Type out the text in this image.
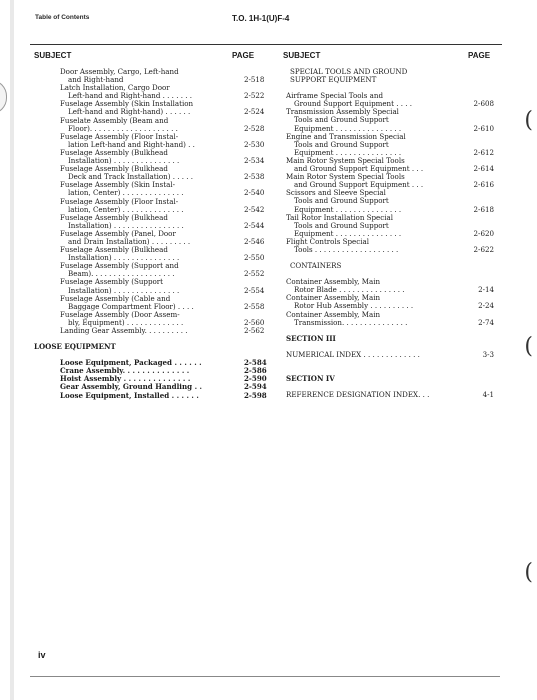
Table of Contents	T.O. 1H-1(U)F-4
SUBJECT	PAGE	SUBJECT	PAGE
Door Assembly, Cargo, Left-hand
and Right-hand	2-518
Latch Installation, Cargo Door
Left-hand and Right-hand . . . . . . .	2-522
Fuselage Assembly (Skin Installation
Left-hand and Right-hand) . . . . . .	2-524
Fuselate Assembly (Beam and
Floor). . . . . . . . . . . . . . . . . . . .	2-528
Fuselage Assembly (Floor Instal-
lation Left-hand and Right-hand) . .	2-530
Fuselage Assembly (Bulkhead
Installation) . . . . . . . . . . . . . . .	2-534
Fuselage Assembly (Bulkhead
Deck and Track Installation) . . . . .	2-538
Fuselage Assembly (Skin Instal-
lation, Center) . . . . . . . . . . . . . .	2-540
Fuselage Assembly (Floor Instal-
lation, Center) . . . . . . . . . . . . . .	2-542
Fuselage Assembly (Bulkhead
Installation) . . . . . . . . . . . . . . . .	2-544
Fuselage Assembly (Panel, Door
and Drain Installation) . . . . . . . . .	2-546
Fuselage Assembly (Bulkhead
Installation) . . . . . . . . . . . . . . .	2-550
Fuselage Assembly (Support and
Beam). . . . . . . . . . . . . . . . . . .	2-552
Fuselage Assembly (Support
Installation) . . . . . . . . . . . . . . .	2-554
Fuselage Assembly (Cable and
Baggage Compartment Floor) . . . .	2-558
Fuselage Assembly (Door Assem-
bly, Equipment) . . . . . . . . . . . . .	2-560
Landing Gear Assembly. . . . . . . . . .	2-562
LOOSE EQUIPMENT
Loose Equipment, Packaged . . . . . .	2-584
Crane Assembly. . . . . . . . . . . . . .	2-586
Hoist Assembly . . . . . . . . . . . . . .	2-590
Gear Assembly, Ground Handling . .	2-594
Loose Equipment, Installed . . . . . .	2-598
SPECIAL TOOLS AND GROUND
SUPPORT EQUIPMENT
Airframe Special Tools and
Ground Support Equipment . . . .	2-608
Transmission Assembly Special
Tools and Ground Support
Equipment . . . . . . . . . . . . . . .	2-610
Engine and Transmission Special
Tools and Ground Support
Equipment . . . . . . . . . . . . . . .	2-612
Main Rotor System Special Tools
and Ground Support Equipment . . .	2-614
Main Rotor System Special Tools
and Ground Support Equipment . . .	2-616
Scissors and Sleeve Special
Tools and Ground Support
Equipment . . . . . . . . . . . . . . .	2-618
Tail Rotor Installation Special
Tools and Ground Support
Equipment . . . . . . . . . . . . . . .	2-620
Flight Controls Special
Tools . . . . . . . . . . . . . . . . . . .	2-622
CONTAINERS
Container Assembly, Main
Rotor Blade . . . . . . . . . . . . . . .	2-14
Container Assembly, Main
Rotor Hub Assembly . . . . . . . . . .	2-24
Container Assembly, Main
Transmission. . . . . . . . . . . . . . .	2-74
SECTION III
NUMERICAL INDEX . . . . . . . . . . . . .	3-3
SECTION IV
REFERENCE DESIGNATION INDEX. . .	4-1
(
(
(
iv
